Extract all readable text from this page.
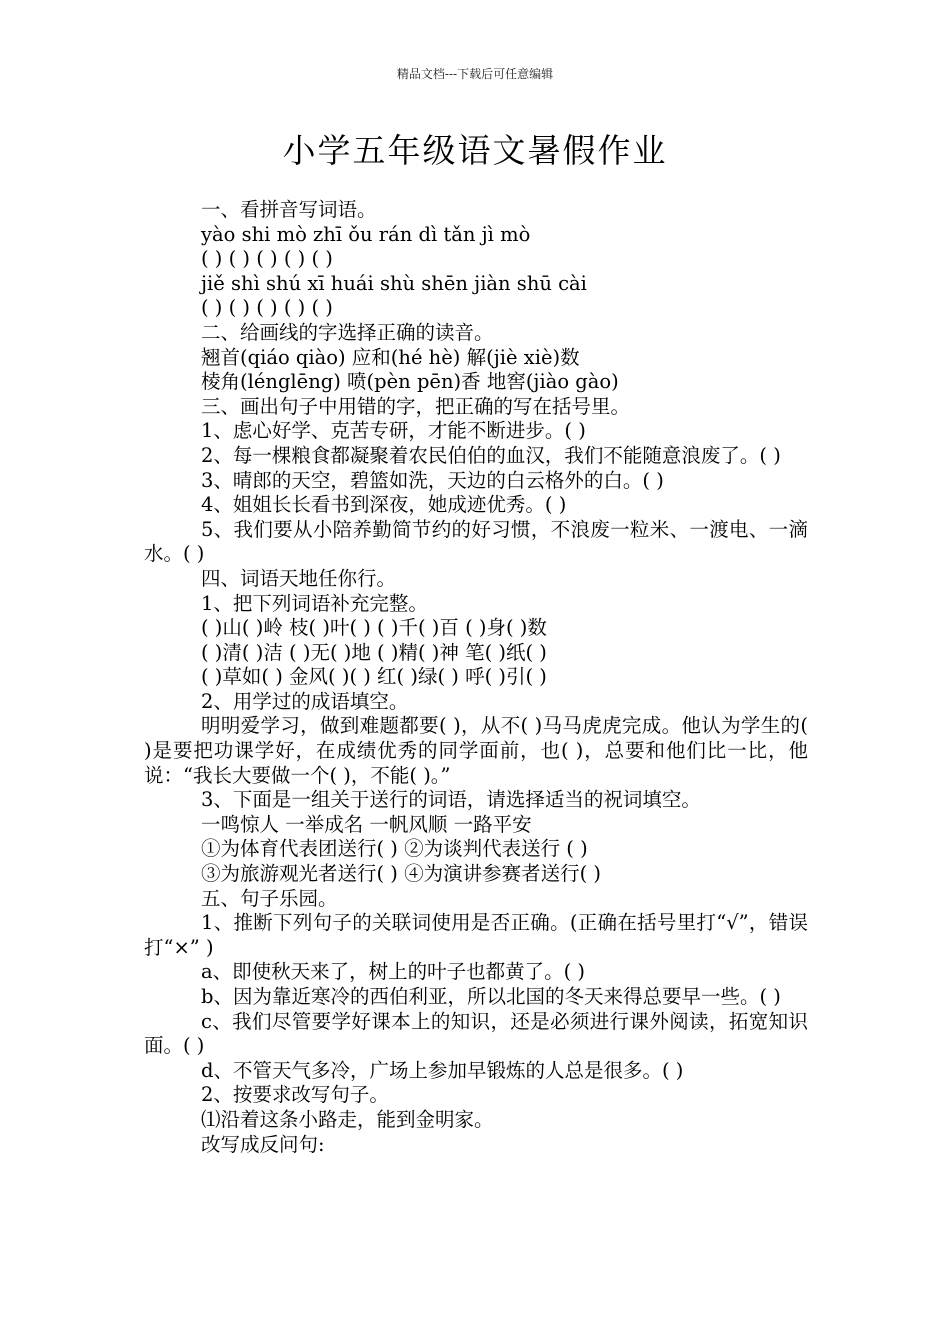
精品文档---下载后可任意编辑
小学五年级语文暑假作业
一、看拼音写词语。
yào shi mò zhī ǒu rán dì tǎn jì mò
( ) ( ) ( ) ( ) ( )
jiě shì shú xī huái shù shēn jiàn shū cài
( ) ( ) ( ) ( ) ( )
二、给画线的字选择正确的读音。
翘首(qiáo qiào) 应和(hé hè) 解(jiè xiè)数
棱角(lénglēng) 喷(pèn pēn)香 地窖(jiào gào)
三、画出句子中用错的字，把正确的写在括号里。
1、虑心好学、克苦专研，才能不断进步。( )
2、每一棵粮食都凝聚着农民伯伯的血汉，我们不能随意浪废了。( )
3、晴郎的天空，碧篮如洗，天边的白云格外的白。( )
4、姐姐长长看书到深夜，她成迹优秀。( )
5、我们要从小陪养勤简节约的好习惯，不浪废一粒米、一渡电、一滴水。( )
四、词语天地任你行。
1、把下列词语补充完整。
( )山( )岭 枝( )叶( ) ( )千( )百 ( )身( )数
( )清( )洁 ( )无( )地 ( )精( )神 笔( )纸( )
( )草如( ) 金风( )( ) 红( )绿( ) 呼( )引( )
2、用学过的成语填空。
明明爱学习，做到难题都要( )，从不( )马马虎虎完成。他认为学生的( )是要把功课学好，在成绩优秀的同学面前，也( )，总要和他们比一比，他说：“我长大要做一个( )，不能( )。”
3、下面是一组关于送行的词语，请选择适当的祝词填空。
一鸣惊人 一举成名 一帆风顺 一路平安
①为体育代表团送行( ) ②为谈判代表送行 ( )
③为旅游观光者送行( ) ④为演讲参赛者送行( )
五、句子乐园。
1、推断下列句子的关联词使用是否正确。(正确在括号里打“√”，错误打“×” )
a、即使秋天来了，树上的叶子也都黄了。( )
b、因为靠近寒冷的西伯利亚，所以北国的冬天来得总要早一些。( )
c、我们尽管要学好课本上的知识，还是必须进行课外阅读，拓宽知识面。( )
d、不管天气多冷，广场上参加早锻炼的人总是很多。( )
2、按要求改写句子。
⑴沿着这条小路走，能到金明家。
改写成反问句:
